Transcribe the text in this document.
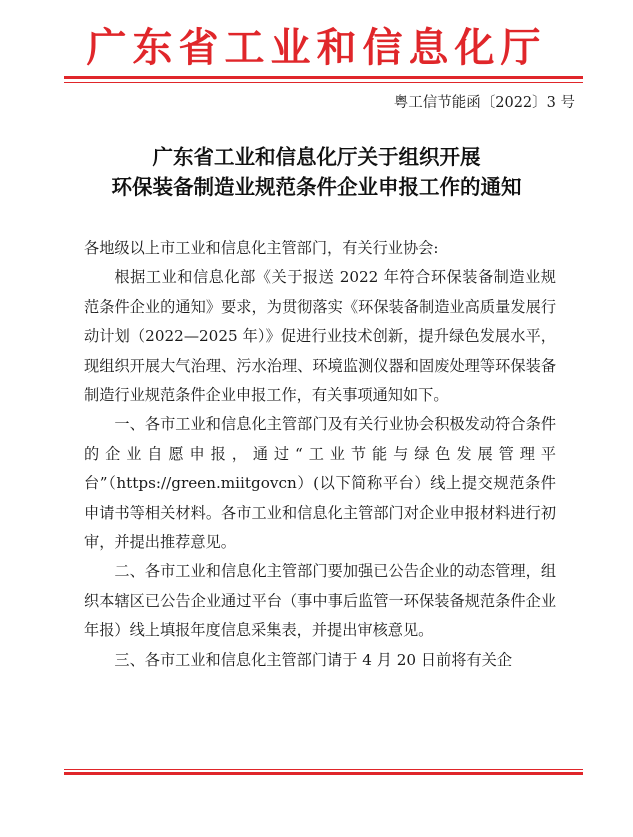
广东省工业和信息化厅
粤工信节能函〔2022〕3 号
广东省工业和信息化厅关于组织开展
环保装备制造业规范条件企业申报工作的通知

各地级以上市工业和信息化主管部门，有关行业协会:

根据工业和信息化部《关于报送 2022 年符合环保装备制造业规范条件企业的通知》要求，为贯彻落实《环保装备制造业高质量发展行动计划（2022—2025 年）》促进行业技术创新，提升绿色发展水平，现组织开展大气治理、污水治理、环境监测仪器和固废处理等环保装备制造行业规范条件企业申报工作，有关事项通知如下。

一、各市工业和信息化主管部门及有关行业协会积极发动符合条件的企业自愿申报，通过“工业节能与绿色发展管理平台”（https://green.miitgovcn）(以下简称平台）线上提交规范条件申请书等相关材料。各市工业和信息化主管部门对企业申报材料进行初审，并提出推荐意见。

二、各市工业和信息化主管部门要加强已公告企业的动态管理，组织本辖区已公告企业通过平台（事中事后监管一环保装备规范条件企业年报）线上填报年度信息采集表，并提出审核意见。

三、各市工业和信息化主管部门请于 4 月 20 日前将有关企
